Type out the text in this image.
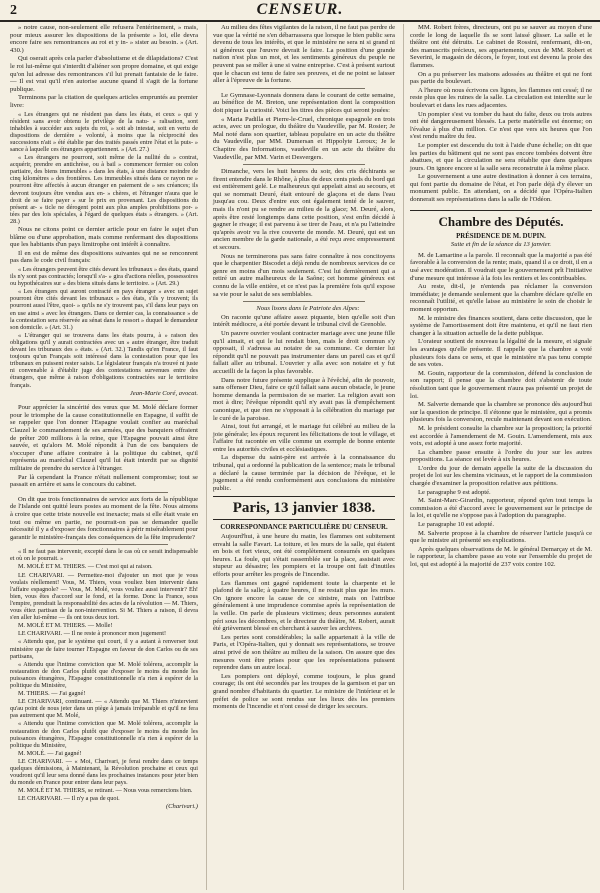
2	CENSEUR.

» notre cause, non-seulement elle refusera l'entérinement, » mais, pour mieux assurer les dispositions de la présente » loi, elle devra encore faire ses remontrances au roi et y in- » sister au besoin. » (Art. 430.)

Qui oserait après cela parler d'absolutisme et de dilapidations? C'est le roi lui-même qui s'interdit d'aliéner son propre domaine, et qui exige qu'on lui adresse des remontrances s'il lui prenait fantaisie de le faire. — Il est vrai qu'il n'en autorise aucune quand il s'agit de la fortune publique.

Terminons par la citation de quelques articles empruntés au premier livre:

« Les étrangers qui ne résident pas dans les états, et ceux » qui y résident sans avoir obtenu le privilège de la natu- » ralisation, sont inhabiles à succéder aux sujets du roi, » soit ab intestat, soit en vertu de dispositions de dernière » volonté, à moins que la réciprocité des successions n'ait » été établie par des traités passés entre l'état et la puis- » sance à laquelle ces étrangers appartiennent. » (Art. 27.)

« Les étrangers ne pourront, soit même de la nullité du » contrat, acquérir, prendre en antichrèse, ou à bail » commencer fermier ou colon partiaire, des biens immeubles » dans les états, à une distance moindre de cinq kilomètres » des frontières. Les immeubles situés dans ce rayon ne » pourront être affectés à aucun étranger en paiement de » ses créances; ils devront toujours être vendus aux en- » chères, et l'étranger n'aura que le droit de se faire payer » sur le prix en provenant. Les dispositions du présent ar- » ticle ne dérogent point aux plus amples prohibitions por- » tées par des lois spéciales, à l'égard de quelques états » étrangers. » (Art. 28.)

Nous ne citons point ce dernier article pour en faire le sujet d'un blâme ou d'une approbation, mais comme renfermant des dispositions que les habitants d'un pays limitrophe ont intérêt à connaître.

Il en est de même des dispositions suivantes qui ne se renconrent pas dans le code civil français:

« Les étrangers peuvent être cités devant les tribunaux » des états, quand ils n'y sont pas contractés; lorsqu'il s'a- » gira d'actions réelles, possessoires ou hypothécaires sur » des biens situés dans le territoire. » (Art. 29.)

« Les étrangers qui auront contracté en pays étranger » avec un sujet pourront être cités devant les tribunaux » des états, s'ils y trouvent; ils pourront aussi l'être, quoi- » qu'ils ne s'y trouvent pas, s'il dans leur pays on en use ainsi » avec les étrangers. Dans ce dernier cas, la connaissance » de la contestation sera réservée au sénat dans le ressort » duquel le demandeur son domicile. » (Art. 31.)

« L'étranger qui se trouvera dans les états pourra, à » raison des obligations qu'il y aurait contractées avec un » autre étranger, être traduit devant les tribunaux des » états. » (Art. 32.) Tandis qu'en France, il faut toujours qu'un Français soit intéressé dans la contestation pour que les tribunaux en puissent rester saisis. Le législateur français n'a trouvé ni juste ni convenable à d'établir juge des contestations survenues entre des étrangers, que même à raison d'obligations contractées sur le territoire français.

Jean-Marie Coré, avocat.

Pour apprécier la sincérité des vœux que M. Molé déclare former pour le triomphe de la cause constitutionnelle en Espagne, il suffit de se rappeler que l'on donner l'Espagne voulait confier au maréchal Clauzel le commandement de ses armées, que des banquiers offraient de prêter 200 millions à la reine, que l'Espagne pouvait ainsi être sauvée, et qu'alors M. Molé répondit à l'un de ces banquiers de s'occuper d'une affaire contraire à la politique du cabinet, qu'il représenta au maréchal Clauzel qu'il lui était interdit par sa dignité militaire de prendre du service à l'étranger.

Par là cependant la France n'était nullement compromise; tout se passait en arrière et sans le concours du cabinet.

On dit que trois fonctionnaires de service aux forts de la république de l'Islande ont quitté leurs postes au moment de la fête. Nous aimons à croire que cette triste nouvelle est inexacte; mais si elle était vraie en tout ou même en partie, ne pourrait-on pas se demander quelle nécessité il y a d'exposer des fonctionnaires à périr misérablement pour garantir le ministère-français des conséquences de la fête imprudente?

« Il ne faut pas intervenir, excepté dans le cas où ce serait indispensable et où on le pourrait. »

M. MOLÉ ET M. THIERS. — C'est moi qui ai raison.

LE CHARIVARI. — Permettez-moi d'ajouter un mot que je vous voulais réellement! Vous, M. Thiers, vous vouliez bien intervenir dans l'affaire espagnole? — Vous, M. Molé, vous vouliez aussi intervenir? Eh! bien, vous êtes d'accord sur le fond, et la forme. Donc la France, sous l'empire, prendrait la responsabilité des actes de la révolution — M. Thiers, vous étiez partisan de la non-intervention. Si M. Thiers a raison, il devra s'en aller lui-même — ils ont tous deux tort.

M. MOLÉ ET M. THIERS. — Molle!

LE CHARIVARI. — Il ne reste à prononcer mon jugement!

« Attendu que, par le système qui court, il y a autant à renverser tout ministère que de faire tourner l'Espagne en faveur de don Carlos ou de ses partisans,

« Attendu que l'intime conviction que M. Molé tolérera, accomplir la restauration de don Carlos plutôt que d'exposer le moins du monde les puissances étrangères, l'Espagne constitutionnelle n'a rien à espérer de la politique du Ministère,

M. THIERS. — J'ai gagné!

LE CHARIVARI, continuant. — « Attendu que M. Thiers n'intervient qu'au point de nous jeter dans un piège à jamais irréparable et qu'il ne fera pas autrement que M. Molé,

« Attendu que l'intime conviction que M. Molé tolérera, accomplir la restauration de don Carlos plutôt que d'exposer le moins du monde les puissances étrangères, l'Espagne constitutionnelle n'a rien à espérer de la politique du Ministère,

M. MOLÉ. — J'ai gagné!

LE CHARIVARI. — « Moi, Charivari, je ferai rendre dans ce temps quelques démissions, à Maintenant, la Révolution prochaine et ceux qui voudront qu'il leur sera donné dans les prochaines instances pour jeter bien du monde en France pour entrer dans leur pays.

M. MOLÉ ET M. THIERS, se retirant. — Nous vous remercions bien.

LE CHARIVARI. — Il n'y a pas de quoi.

(Charivari.)

Au milieu des fêtes vigilantes de la raison, il ne faut pas perdre de vue que la vérité ne s'en débarrassera que lorsque le bien public sera devenu de tous les intérêts, et que le ministère ne sera ni si grand ni si généreux que l'œuvre devrait le faire. La position d'une grande nation n'est plus un mot, et les sentiments généreux du peuple ne peuvent pas se mêler à une si vaine entreprise. C'est à présent surtout que le chacun est tenu de faire ses preuves, et de ne point se laisser aller à l'épreuve de la fortune.

Le Gymnase-Lyonnais donnera dans le courant de cette semaine, au bénéfice de M. Breton, une représentation dont la composition doit piquer la curiosité. Voici les titres des pièces qui seront jouées:

« Maria Padilla et Pierre-le-Cruel, chronique espagnole en trois actes, avec un prologue, du théâtre du Vaudeville, par M. Rosier; Je Mal noté dans son quartier, tableau populaire en un acte du théâtre du Vaudeville, par MM. Dumersan et Hippolyte Leroux; Je le Chapitre des Informations, vaudeville en un acte du théâtre du Vaudeville, par MM. Varin et Desvergers.

Dimanche, vers les huit heures du soir, des cris déchirants se firent entendre dans le Rhône, à plus de deux cents pieds du bord qui est entièrement gelé. Le malheureux qui appelait ainsi au secours, et qui se nommait Deuré, était entouré de glaçons et de dans l'eau jusqu'au cou. Deux d'entre eux ont également tenté de le sauver, mais ils n'ont pu se rendre au milieu de la glace; M. Deuré, alors, après être resté longtemps dans cette position, s'est enfin décidé à gagner le rivage; il est parvenu à se tirer de l'eau, et n'a pu l'atteindre qu'après avoir vu la rive couverte de monde. M. Deuré, qui est un ancien membre de la garde nationale, a été reçu avec empressement et secours.

Nous ne terminerons pas sans faire connaître à nos concitoyens que le charpentier Biscodet a déjà rendu de nombreux services de ce genre en moins d'un mois seulement. C'est lui dernièrement qui a retiré un autre malheureux de la Saône; cet homme généreux est connu de la ville entière, et ce n'est pas la première fois qu'il expose sa vie pour le salut de ses semblables.

Nous lisons dans le Patriote des Alpes:

On raconte qu'une affaire assez piquante, bien qu'elle soit d'un intérêt médiocre, a été portée devant le tribunal civil de Grenoble.

Un pauvre ouvrier voulant contracter mariage avec une jeune fille qu'il aimait, et qui le lui rendait bien, mais le droit commun s'y opposait, il s'adressa au notaire de sa commune. Ce dernier lui répondit qu'il ne pouvait pas instrumenter dans un pareil cas et qu'il fallait aller au tribunal. L'ouvrier y alla avec son notaire et y fut accueilli de la façon la plus favorable.

Dans notre future présente supplique à l'évêché, afin de pouvoir, sans offenser Dieu, faire ce qu'il fallait sans aucun obstacle, le jeune homme demanda la permission de se marier. La religion avait son mot à dire; l'évêque répondit qu'il n'y avait pas là d'empêchement canonique, et que rien ne s'opposait à la célébration du mariage par le curé de la paroisse.

Ainsi, tout fut arrangé, et le mariage fut célébré au milieu de la joie générale; les époux reçurent les félicitations de tout le village, et l'affaire fut racontée en ville comme un exemple de bonne entente entre les autorités civiles et ecclésiastiques.

La dispense du saint-père est arrivée à la connaissance du tribunal, qui a ordonné la publication de la sentence; mais le tribunal a déclaré la cause terminée par la décision de l'évêque, et le jugement a été rendu conformément aux conclusions du ministère public.

Paris, 13 janvier 1838.
CORRESPONDANCE PARTICULIÈRE DU CENSEUR.

Aujourd'hui, à une heure du matin, les flammes ont subitement envahi la salle Favart. La toiture, et les murs de la salle, qui étaient en bois et fort vieux, ont été complètement consumés en quelques heures. La foule, qui s'était rassemblée sur la place, assistait avec stupeur au désastre; les pompiers et la troupe ont fait d'inutiles efforts pour arrêter les progrès de l'incendie.

Les flammes ont gagné rapidement toute la charpente et le plafond de la salle; à quatre heures, il ne restait plus que les murs. On ignore encore la cause de ce sinistre, mais on l'attribue généralement à une imprudence commise après la représentation de la veille. On parle de plusieurs victimes; deux personnes auraient péri sous les décombres, et le directeur du théâtre, M. Robert, aurait été grièvement blessé en cherchant à sauver les archives.

Les pertes sont considérables; la salle appartenait à la ville de Paris, et l'Opéra-Italien, qui y donnait ses représentations, se trouve ainsi privé de son théâtre au milieu de la saison. On assure que des mesures vont être prises pour que les représentations puissent reprendre dans un autre local.

Les pompiers ont déployé, comme toujours, le plus grand courage; ils ont été secondés par les troupes de la garnison et par un grand nombre d'habitants du quartier. Le ministre de l'intérieur et le préfet de police se sont rendus sur les lieux dès les premiers moments de l'incendie et n'ont cessé de diriger les secours.

MM. Robert frères, directeurs, ont pu se sauver au moyen d'une corde le long de laquelle ils se sont laissé glisser. La salle et le théâtre ont été détruits. Le cabinet de Rossini, renfermant, dit-on, des manuscrits précieux, ses appartements, ceux de MM. Robert et Severini, le magasin de décors, le foyer, tout est devenu la proie des flammes.

On a pu préserver les maisons adossées au théâtre et qui ne font pas partie du boulevart.

A l'heure où nous écrivons ces lignes, les flammes ont cessé; il ne reste plus que les ruines de la salle. La circulation est interdite sur le boulevart et dans les rues adjacentes.

Un pompier s'est vu tomber du haut du faîte, deux ou trois autres ont été dangereusement blessés. La perte matérielle est énorme; on l'évalue à plus d'un million. Ce n'est que vers six heures que l'on s'est rendu maître du feu.

Le pompier est descendu du toit à l'aide d'une échelle; on dit que les parties du bâtiment qui ne sont pas encore tombées doivent être abattues, et que la circulation ne sera rétablie que dans quelques jours. On ignore encore si la salle sera reconstruite à la même place.

Le gouvernement a une autre destination à donner à ces terrains, qui font partie du domaine de l'état, et l'on parle déjà d'y élever un monument public. En attendant, on a décidé que l'Opéra-Italien donnerait ses représentations dans la salle de l'Odéon.

Chambre des Députés.
PRÉSIDENCE DE M. DUPIN.
Suite et fin de la séance du 13 janvier.

M. de Lamartine a la parole. Il reconnaît que la majorité a pas été favorable à la conversion de la rente; mais, quand il a ce droit, il en a usé avec modération. Il voudrait que le gouvernement prît l'initiative d'une mesure qui intéresse à la fois les rentiers et les contribuables.

Au reste, dit-il, je n'entends pas réclamer la conversion immédiate; je demande seulement que la chambre déclare qu'elle en reconnaît l'utilité, et qu'elle laisse au ministère le soin de choisir le moment opportun.

M. le ministre des finances soutient, dans cette discussion, que le système de l'amortissement doit être maintenu, et qu'il ne faut rien changer à la situation actuelle de la dette publique.

L'orateur soutient de nouveau la légalité de la mesure, et signale les avantages qu'elle présente. Il rappelle que la chambre a voté plusieurs fois dans ce sens, et que le ministère n'a pas tenu compte de ses votes.

M. Gouin, rapporteur de la commission, défend la conclusion de son rapport; il pense que la chambre doit s'abstenir de toute résolution tant que le gouvernement n'aura pas présenté un projet de loi.

M. Salverte demande que la chambre se prononce dès aujourd'hui sur la question de principe. Il s'étonne que le ministère, qui a promis plusieurs fois la conversion, recule maintenant devant son exécution.

M. le président consulte la chambre sur la proposition; la priorité est accordée à l'amendement de M. Gouin. L'amendement, mis aux voix, est adopté à une assez forte majorité.

La chambre passe ensuite à l'ordre du jour sur les autres propositions. La séance est levée à six heures.

L'ordre du jour de demain appelle la suite de la discussion du projet de loi sur les chemins vicinaux, et le rapport de la commission chargée d'examiner la proposition relative aux pétitions.

Le paragraphe 9 est adopté.

M. Saint-Marc-Girardin, rapporteur, répond qu'en tout temps la commission a été d'accord avec le gouvernement sur le principe de la loi, et qu'elle ne s'oppose pas à l'adoption du paragraphe.

Le paragraphe 10 est adopté.

M. Salverte propose à la chambre de réserver l'article jusqu'à ce que le ministre ait présenté ses explications.

Après quelques observations de M. le général Demarçay et de M. le rapporteur, la chambre passe au vote sur l'ensemble du projet de loi, qui est adopté à la majorité de 237 voix contre 102.
